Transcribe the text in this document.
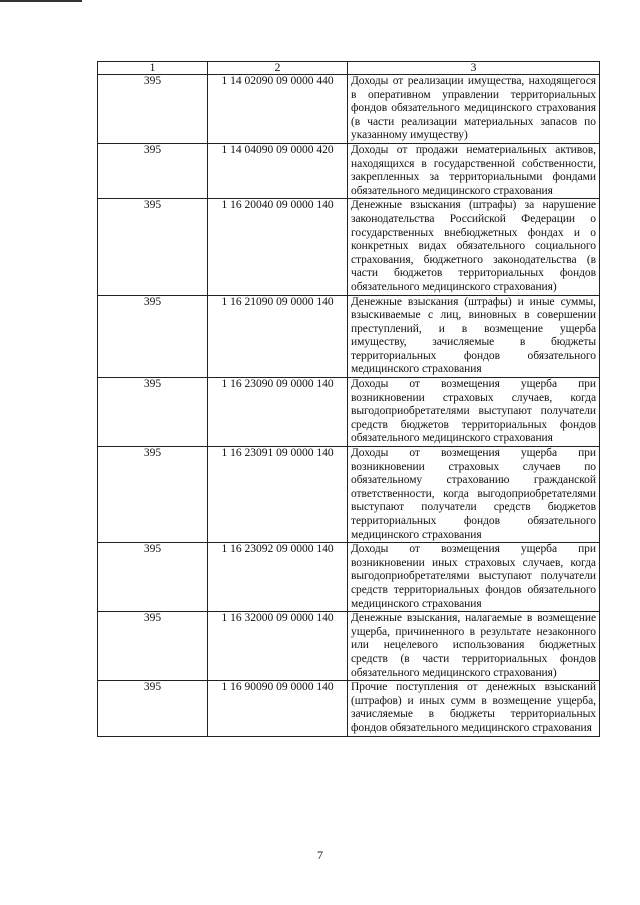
1	2	3
395	1 14 02090 09 0000 440	Доходы от реализации имущества, находящегося в оперативном управлении территориальных фондов обязательного медицинского страхования (в части реализации материальных запасов по указанному имуществу)
395	1 14 04090 09 0000 420	Доходы от продажи нематериальных активов, находящихся в государственной собственности, закрепленных за территориальными фондами обязательного медицинского страхования
395	1 16 20040 09 0000 140	Денежные взыскания (штрафы) за нарушение законодательства Российской Федерации о государственных внебюджетных фондах и о конкретных видах обязательного социального страхования, бюджетного законодательства (в части бюджетов территориальных фондов обязательного медицинского страхования)
395	1 16 21090 09 0000 140	Денежные взыскания (штрафы) и иные суммы, взыскиваемые с лиц, виновных в совершении преступлений, и в возмещение ущерба имуществу, зачисляемые в бюджеты территориальных фондов обязательного медицинского страхования
395	1 16 23090 09 0000 140	Доходы от возмещения ущерба при возникновении страховых случаев, когда выгодоприобретателями выступают получатели средств бюджетов территориальных фондов обязательного медицинского страхования
395	1 16 23091 09 0000 140	Доходы от возмещения ущерба при возникновении страховых случаев по обязательному страхованию гражданской ответственности, когда выгодоприобретателями выступают получатели средств бюджетов территориальных фондов обязательного медицинского страхования
395	1 16 23092 09 0000 140	Доходы от возмещения ущерба при возникновении иных страховых случаев, когда выгодоприобретателями выступают получатели средств территориальных фондов обязательного медицинского страхования
395	1 16 32000 09 0000 140	Денежные взыскания, налагаемые в возмещение ущерба, причиненного в результате незаконного или нецелевого использования бюджетных средств (в части территориальных фондов обязательного медицинского страхования)
395	1 16 90090 09 0000 140	Прочие поступления от денежных взысканий (штрафов) и иных сумм в возмещение ущерба, зачисляемые в бюджеты территориальных фондов обязательного медицинского страхования
7
